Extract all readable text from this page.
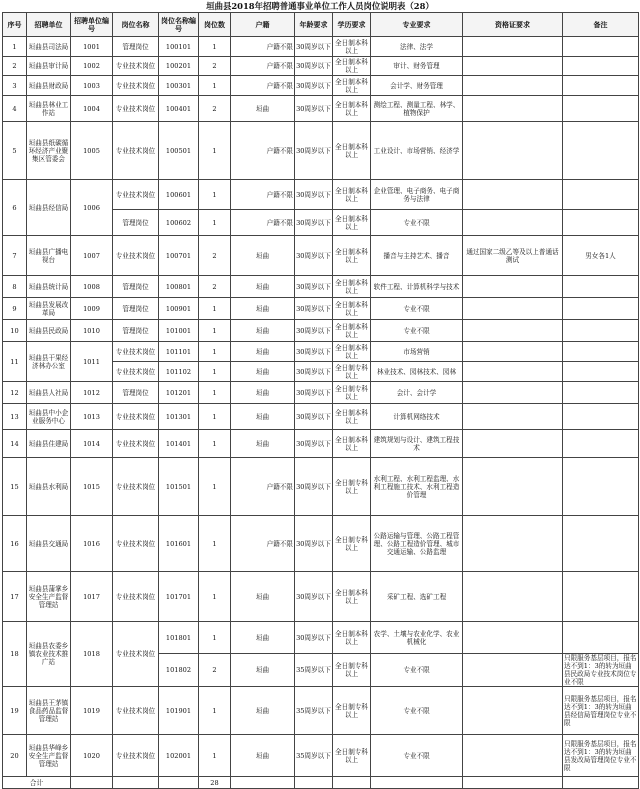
垣曲县2018年招聘普通事业单位工作人员岗位说明表（28）
序号	招聘单位	招聘单位编号	岗位名称	岗位名称编号	岗位数	户籍	年龄要求	学历要求	专业要求	资格证要求	备注
1	垣曲县司法局	1001	管理岗位	100101	1	户籍不限	30周岁以下	全日制本科以上	法律、法学		
2	垣曲县审计局	1002	专业技术岗位	100201	2	户籍不限	30周岁以下	全日制本科以上	审计、财务管理		
3	垣曲县财政局	1003	专业技术岗位	100301	1	户籍不限	30周岁以下	全日制本科以上	会计学、财务管理		
4	垣曲县林业工作站	1004	专业技术岗位	100401	2	垣曲	30周岁以下	全日制本科以上	测绘工程、测量工程、林学、植物保护		
5	垣曲县纸碳循环经济产业聚集区管委会	1005	专业技术岗位	100501	1	户籍不限	30周岁以下	全日制本科以上	工业设计、市场营销、经济学		
6	垣曲县经信局	1006	专业技术岗位	100601	1	户籍不限	30周岁以下	全日制本科以上	企业管理、电子商务、电子商务与法律		
			管理岗位	100602	1	户籍不限	30周岁以下	全日制本科以上	专业不限		
7	垣曲县广播电视台	1007	专业技术岗位	100701	2	垣曲	30周岁以下	全日制本科以上	播音与主持艺术、播音	通过国家二级乙等及以上普通话测试	男女各1人
8	垣曲县统计局	1008	管理岗位	100801	2	垣曲	30周岁以下	全日制本科以上	软件工程、计算机科学与技术		
9	垣曲县发展改革局	1009	管理岗位	100901	1	垣曲	30周岁以下	全日制本科以上	专业不限		
10	垣曲县民政局	1010	管理岗位	101001	1	垣曲	30周岁以下	全日制本科以上	专业不限		
11	垣曲县干果经济林办公室	1011	专业技术岗位	101101	1	垣曲	30周岁以下	全日制本科以上	市场营销		
			专业技术岗位	101102	1	垣曲	30周岁以下	全日制专科以上	林业技术、园林技术、园林		
12	垣曲县人社局	1012	管理岗位	101201	1	垣曲	30周岁以下	全日制专科以上	会计、会计学		
13	垣曲县中小企业服务中心	1013	专业技术岗位	101301	1	垣曲	30周岁以下	全日制本科以上	计算机网络技术		
14	垣曲县住建局	1014	专业技术岗位	101401	1	垣曲	30周岁以下	全日制本科以上	建筑规划与设计、建筑工程技术		
15	垣曲县水利局	1015	专业技术岗位	101501	1	户籍不限	30周岁以下	全日制专科以上	水利工程、水利工程监理、水利工程施工技术、水利工程造价管理		
16	垣曲县交通局	1016	专业技术岗位	101601	1	户籍不限	30周岁以下	全日制专科以上	公路运输与管理、公路工程管理、公路工程造价管理、城市交通运输、公路监理		
17	垣曲县蒲掌乡安全生产监督管理站	1017	专业技术岗位	101701	1	垣曲	30周岁以下	全日制本科以上	采矿工程、选矿工程		
18	垣曲县农委乡镇农业技术推广站	1018	专业技术岗位	101801	1	垣曲	30周岁以下	全日制本科以上	农学、土壤与农业化学、农业机械化		
				101802	2	垣曲	35周岁以下	全日制专科以上	专业不限		只限服务基层项目，报名达不到1：3的转为垣曲县民政局专业技术岗位专业不限
19	垣曲县王茅镇食品药品监督管理站	1019	专业技术岗位	101901	1	垣曲	35周岁以下	全日制专科以上	专业不限		只限服务基层项目，报名达不到1：3的转为垣曲县经信局管理岗位专业不限
20	垣曲县华峰乡安全生产监督管理站	1020	专业技术岗位	102001	1	垣曲	35周岁以下	全日制专科以上	专业不限		只限服务基层项目，报名达不到1：3的转为垣曲县发改局管理岗位专业不限
合计					28						
